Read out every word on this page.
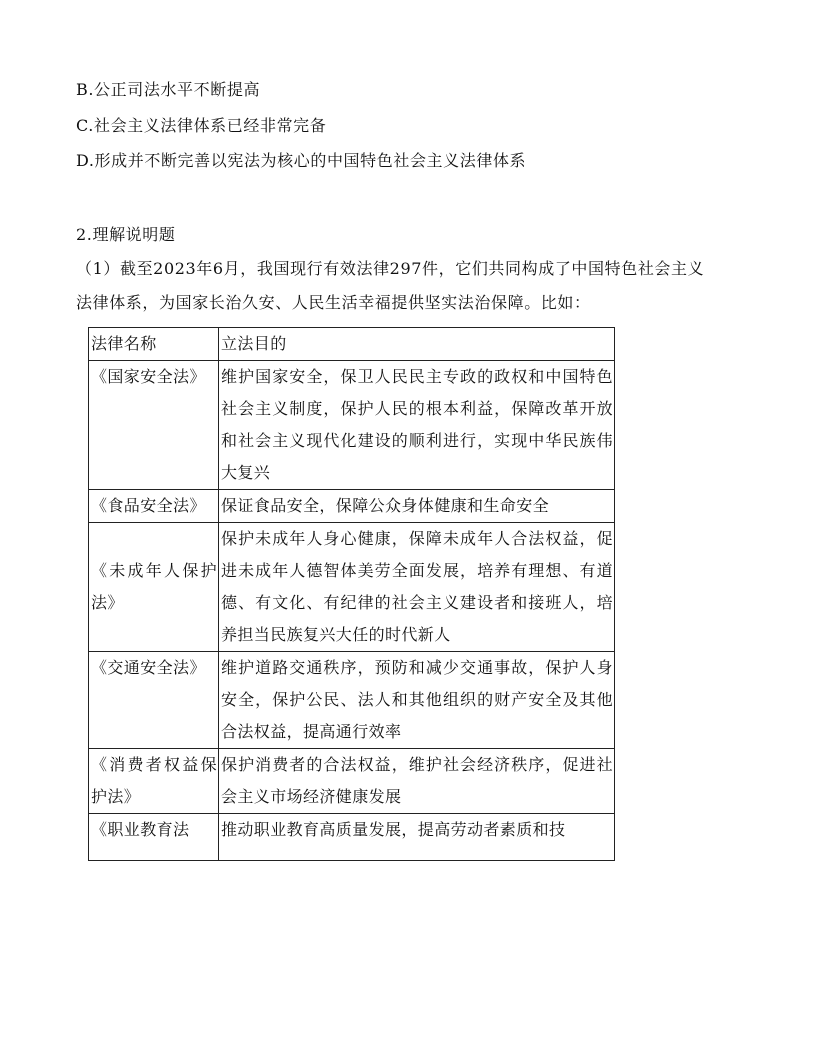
B.公正司法水平不断提高
C.社会主义法律体系已经非常完备
D.形成并不断完善以宪法为核心的中国特色社会主义法律体系
2.理解说明题
（1）截至2023年6月，我国现行有效法律297件，它们共同构成了中国特色社会主义法律体系，为国家长治久安、人民生活幸福提供坚实法治保障。比如：
法律名称	立法目的
《国家安全法》	维护国家安全，保卫人民民主专政的政权和中国特色社会主义制度，保护人民的根本利益，保障改革开放和社会主义现代化建设的顺利进行，实现中华民族伟大复兴
《食品安全法》	保证食品安全，保障公众身体健康和生命安全
《未成年人保护法》	保护未成年人身心健康，保障未成年人合法权益，促进未成年人德智体美劳全面发展，培养有理想、有道德、有文化、有纪律的社会主义建设者和接班人，培养担当民族复兴大任的时代新人
《交通安全法》	维护道路交通秩序，预防和减少交通事故，保护人身安全，保护公民、法人和其他组织的财产安全及其他合法权益，提高通行效率
《消费者权益保护法》	保护消费者的合法权益，维护社会经济秩序，促进社会主义市场经济健康发展
《职业教育法	推动职业教育高质量发展，提高劳动者素质和技
